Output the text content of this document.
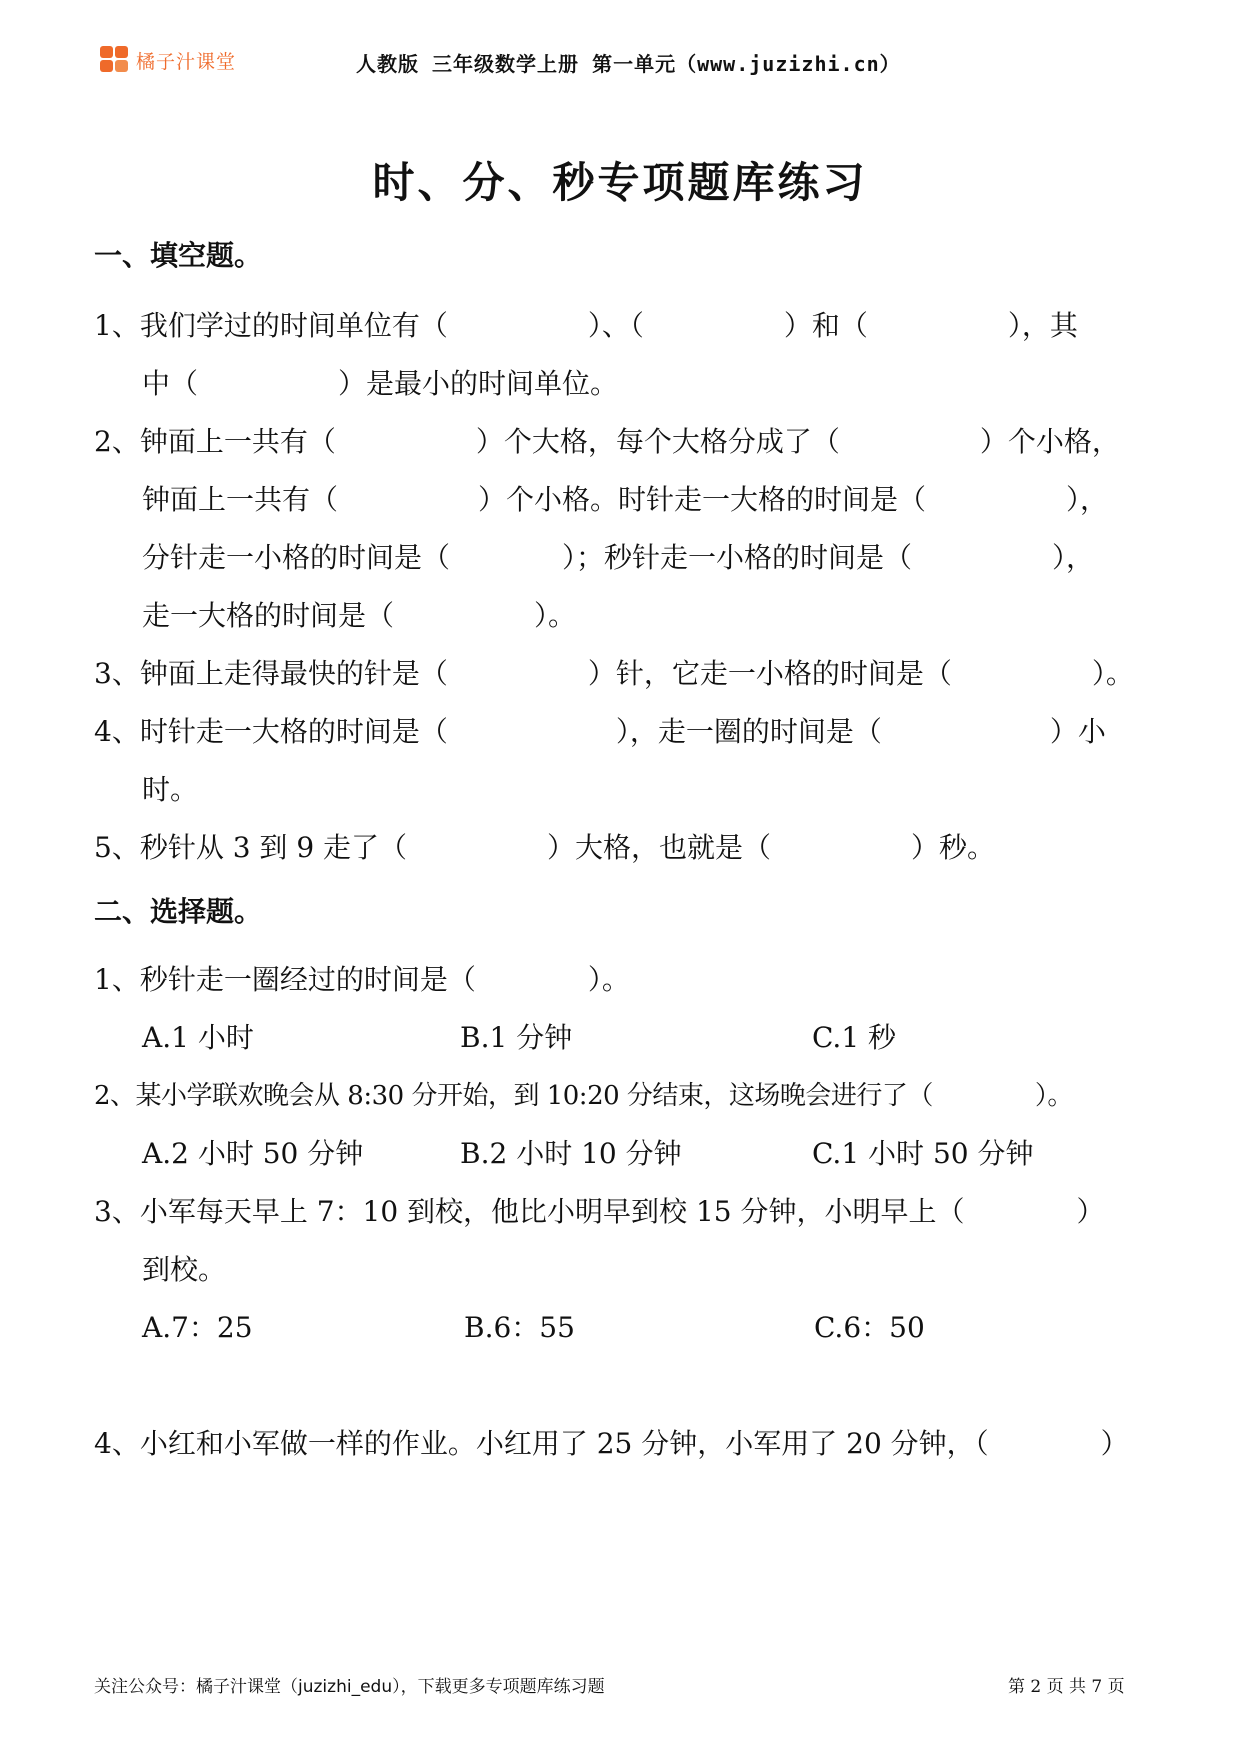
橘子汁课堂	人教版 三年级数学上册 第一单元（www.juzizhi.cn）
时、分、秒专项题库练习
一、填空题。
1、我们学过的时间单位有（　　　　　）、（　　　　　）和（　　　　　），其
中（　　　　　）是最小的时间单位。
2、钟面上一共有（　　　　　）个大格，每个大格分成了（　　　　　）个小格，
钟面上一共有（　　　　　）个小格。时针走一大格的时间是（　　　　　），
分针走一小格的时间是（　　　　）；秒针走一小格的时间是（　　　　　），
走一大格的时间是（　　　　　）。
3、钟面上走得最快的针是（　　　　　）针，它走一小格的时间是（　　　　　）。
4、时针走一大格的时间是（　　　　　　），走一圈的时间是（　　　　　　）小
时。
5、秒针从 3 到 9 走了（　　　　　）大格，也就是（　　　　　）秒。
二、选择题。
1、秒针走一圈经过的时间是（　　　　）。
A.1 小时	B.1 分钟	C.1 秒
2、某小学联欢晚会从 8:30 分开始，到 10:20 分结束，这场晚会进行了（　　　　）。
A.2 小时 50 分钟	B.2 小时 10 分钟	C.1 小时 50 分钟
3、小军每天早上 7：10 到校，他比小明早到校 15 分钟，小明早上（　　　　）
到校。
A.7：25	B.6：55	C.6：50
4、小红和小军做一样的作业。小红用了 25 分钟，小军用了 20 分钟，（　　　　）
关注公众号：橘子汁课堂（juzizhi_edu），下载更多专项题库练习题	第 2 页 共 7 页
